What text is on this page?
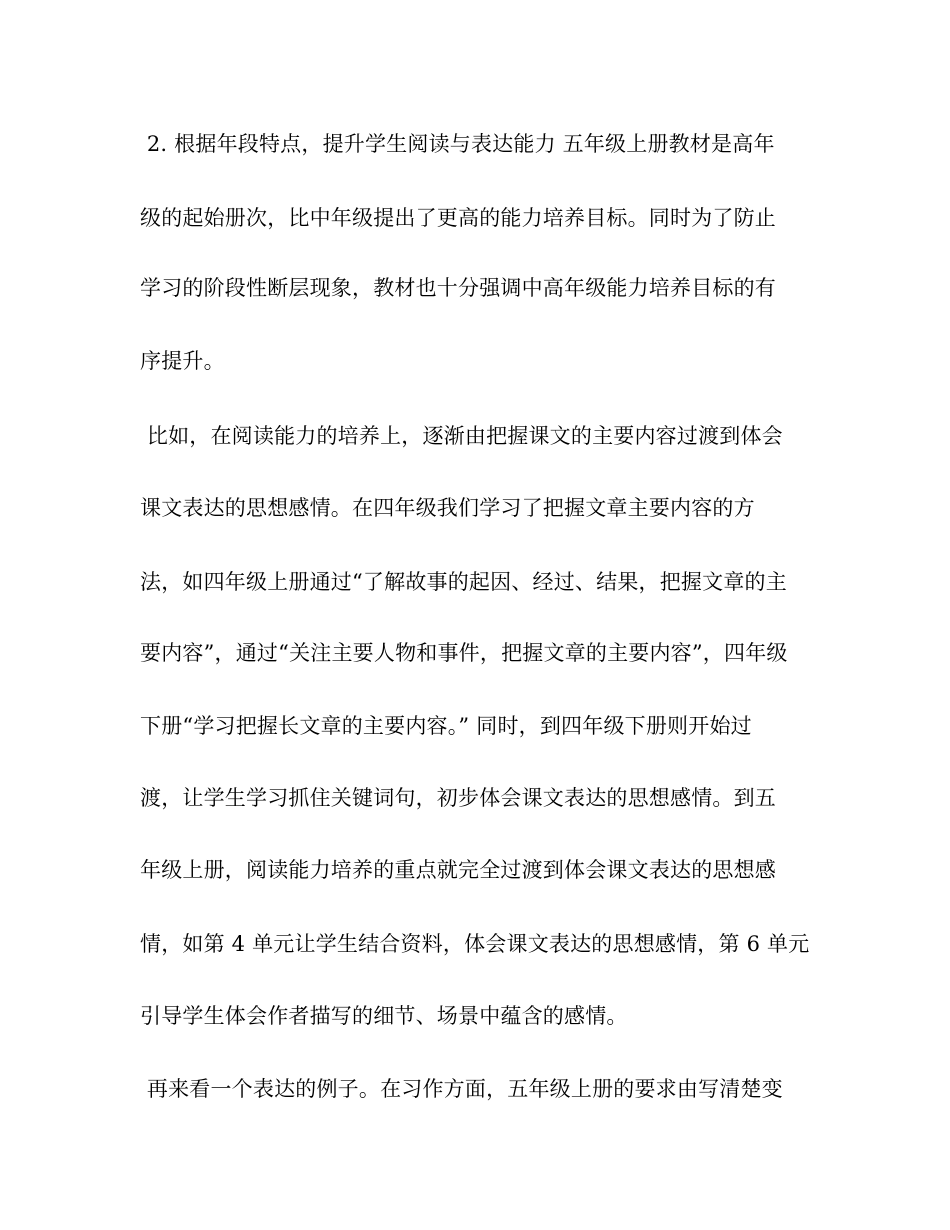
2. 根据年段特点，提升学生阅读与表达能力 五年级上册教材是高年
级的起始册次，比中年级提出了更高的能力培养目标。同时为了防止
学习的阶段性断层现象，教材也十分强调中高年级能力培养目标的有
序提升。
比如，在阅读能力的培养上，逐渐由把握课文的主要内容过渡到体会
课文表达的思想感情。在四年级我们学习了把握文章主要内容的方
法，如四年级上册通过“了解故事的起因、经过、结果，把握文章的主
要内容”，通过“关注主要人物和事件，把握文章的主要内容”，四年级
下册“学习把握长文章的主要内容。” 同时，到四年级下册则开始过
渡，让学生学习抓住关键词句，初步体会课文表达的思想感情。到五
年级上册，阅读能力培养的重点就完全过渡到体会课文表达的思想感
情，如第 4 单元让学生结合资料，体会课文表达的思想感情，第 6 单元
引导学生体会作者描写的细节、场景中蕴含的感情。
再来看一个表达的例子。在习作方面，五年级上册的要求由写清楚变
